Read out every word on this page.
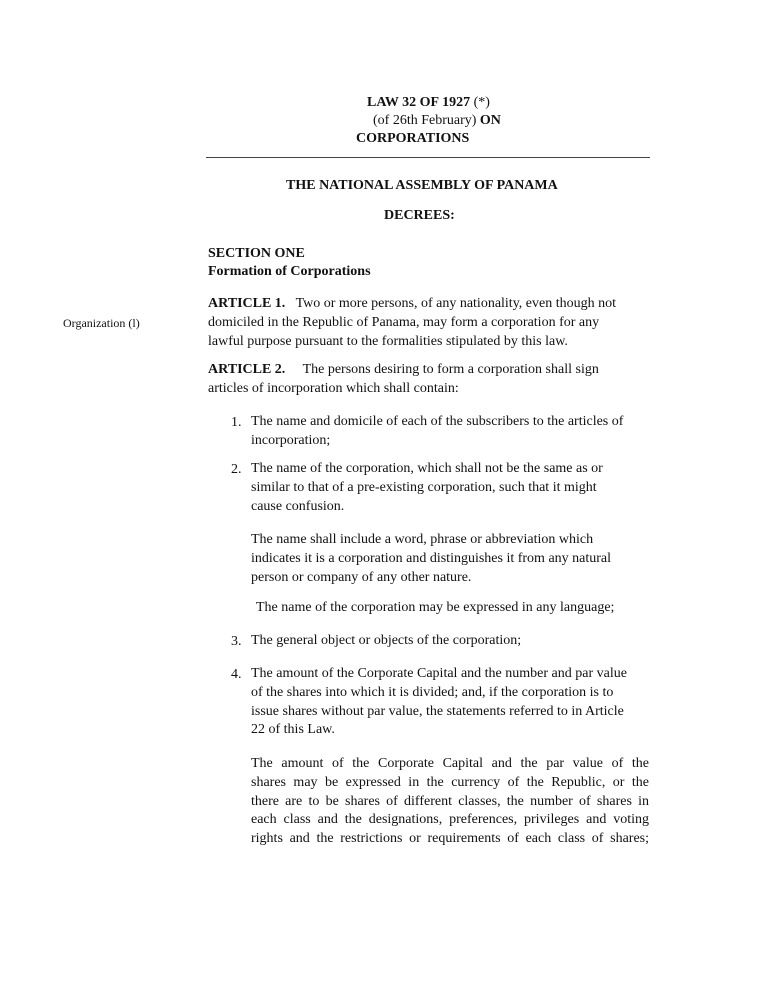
LAW 32 OF 1927 (*)
(of 26th February) ON
CORPORATIONS
THE NATIONAL ASSEMBLY OF PANAMA
DECREES:
SECTION ONE
Formation of Corporations
Organization (l)
ARTICLE 1. Two or more persons, of any nationality, even though not
domiciled in the Republic of Panama, may form a corporation for any
lawful purpose pursuant to the formalities stipulated by this law.
ARTICLE 2. The persons desiring to form a corporation shall sign
articles of incorporation which shall contain:
1. The name and domicile of each of the subscribers to the articles of
incorporation;
2. The name of the corporation, which shall not be the same as or
similar to that of a pre-existing corporation, such that it might
cause confusion.
The name shall include a word, phrase or abbreviation which
indicates it is a corporation and distinguishes it from any natural
person or company of any other nature.
The name of the corporation may be expressed in any language;
3. The general object or objects of the corporation;
4. The amount of the Corporate Capital and the number and par value
of the shares into which it is divided; and, if the corporation is to
issue shares without par value, the statements referred to in Article
22 of this Law.
The amount of the Corporate Capital and the par value of the
shares may be expressed in the currency of the Republic, or the
there are to be shares of different classes, the number of shares in
each class and the designations, preferences, privileges and voting
rights and the restrictions or requirements of each class of shares;
